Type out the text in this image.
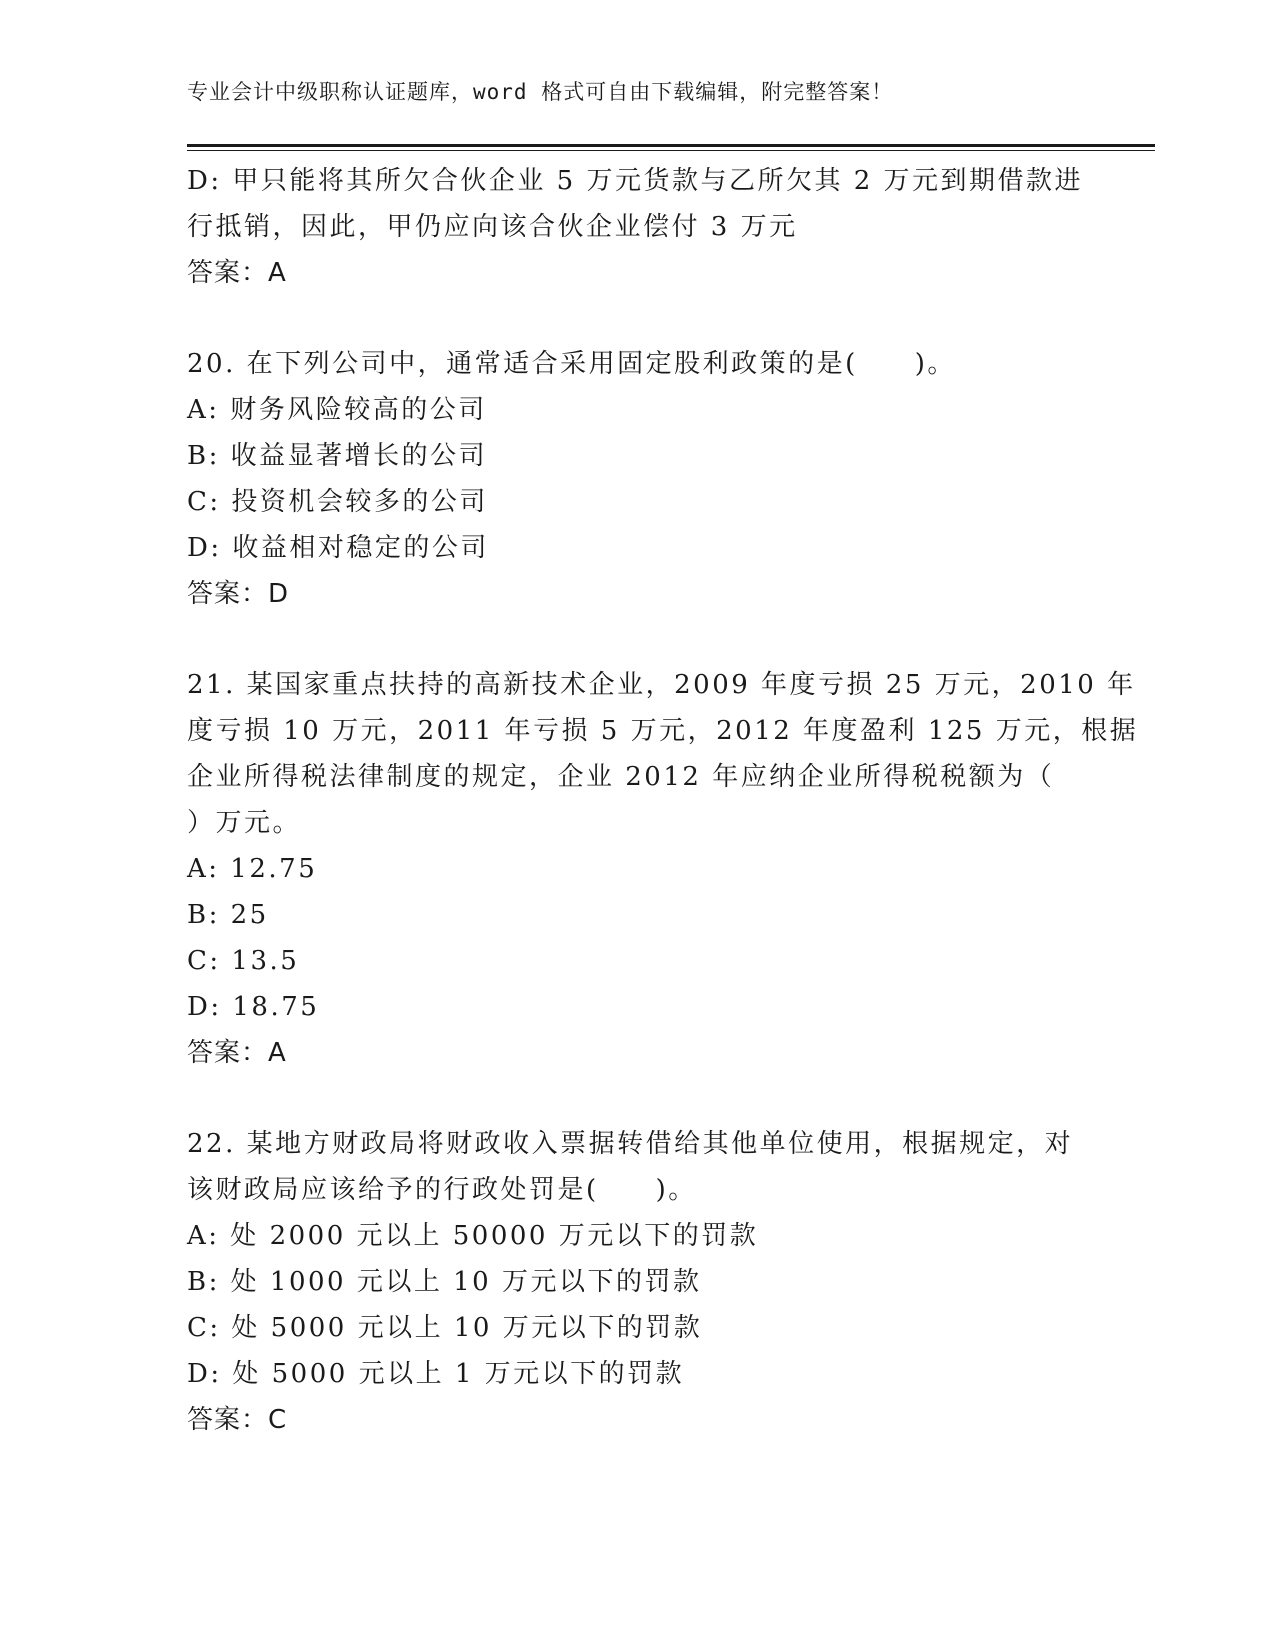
专业会计中级职称认证题库，word 格式可自由下载编辑，附完整答案！
D: 甲只能将其所欠合伙企业 5 万元货款与乙所欠其 2 万元到期借款进
行抵销，因此，甲仍应向该合伙企业偿付 3 万元
答案：A
20. 在下列公司中，通常适合采用固定股利政策的是(　　)。
A: 财务风险较高的公司
B: 收益显著增长的公司
C: 投资机会较多的公司
D: 收益相对稳定的公司
答案：D
21. 某国家重点扶持的高新技术企业，2009 年度亏损 25 万元，2010 年
度亏损 10 万元，2011 年亏损 5 万元，2012 年度盈利 125 万元，根据
企业所得税法律制度的规定，企业 2012 年应纳企业所得税税额为（
）万元。
A: 12.75
B: 25
C: 13.5
D: 18.75
答案：A
22. 某地方财政局将财政收入票据转借给其他单位使用，根据规定，对
该财政局应该给予的行政处罚是(　　)。
A: 处 2000 元以上 50000 万元以下的罚款
B: 处 1000 元以上 10 万元以下的罚款
C: 处 5000 元以上 10 万元以下的罚款
D: 处 5000 元以上 1 万元以下的罚款
答案：C
